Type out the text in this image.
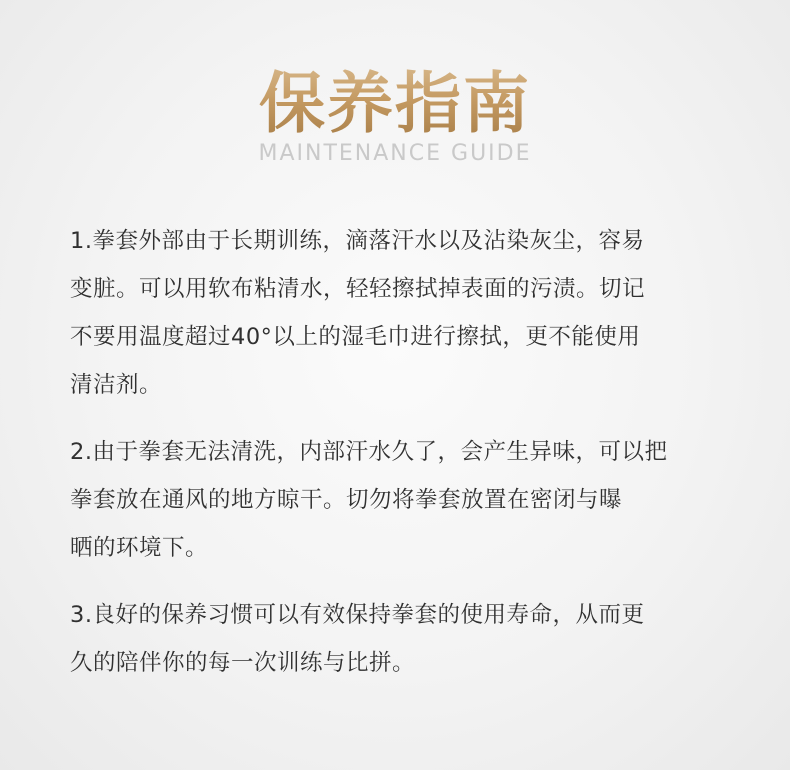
保养指南
MAINTENANCE GUIDE

1.拳套外部由于长期训练，滴落汗水以及沾染灰尘，容易
变脏。可以用软布粘清水，轻轻擦拭掉表面的污渍。切记
不要用温度超过40°以上的湿毛巾进行擦拭，更不能使用
清洁剂。

2.由于拳套无法清洗，内部汗水久了，会产生异味，可以把
拳套放在通风的地方晾干。切勿将拳套放置在密闭与曝
晒的环境下。

3.良好的保养习惯可以有效保持拳套的使用寿命，从而更
久的陪伴你的每一次训练与比拼。
